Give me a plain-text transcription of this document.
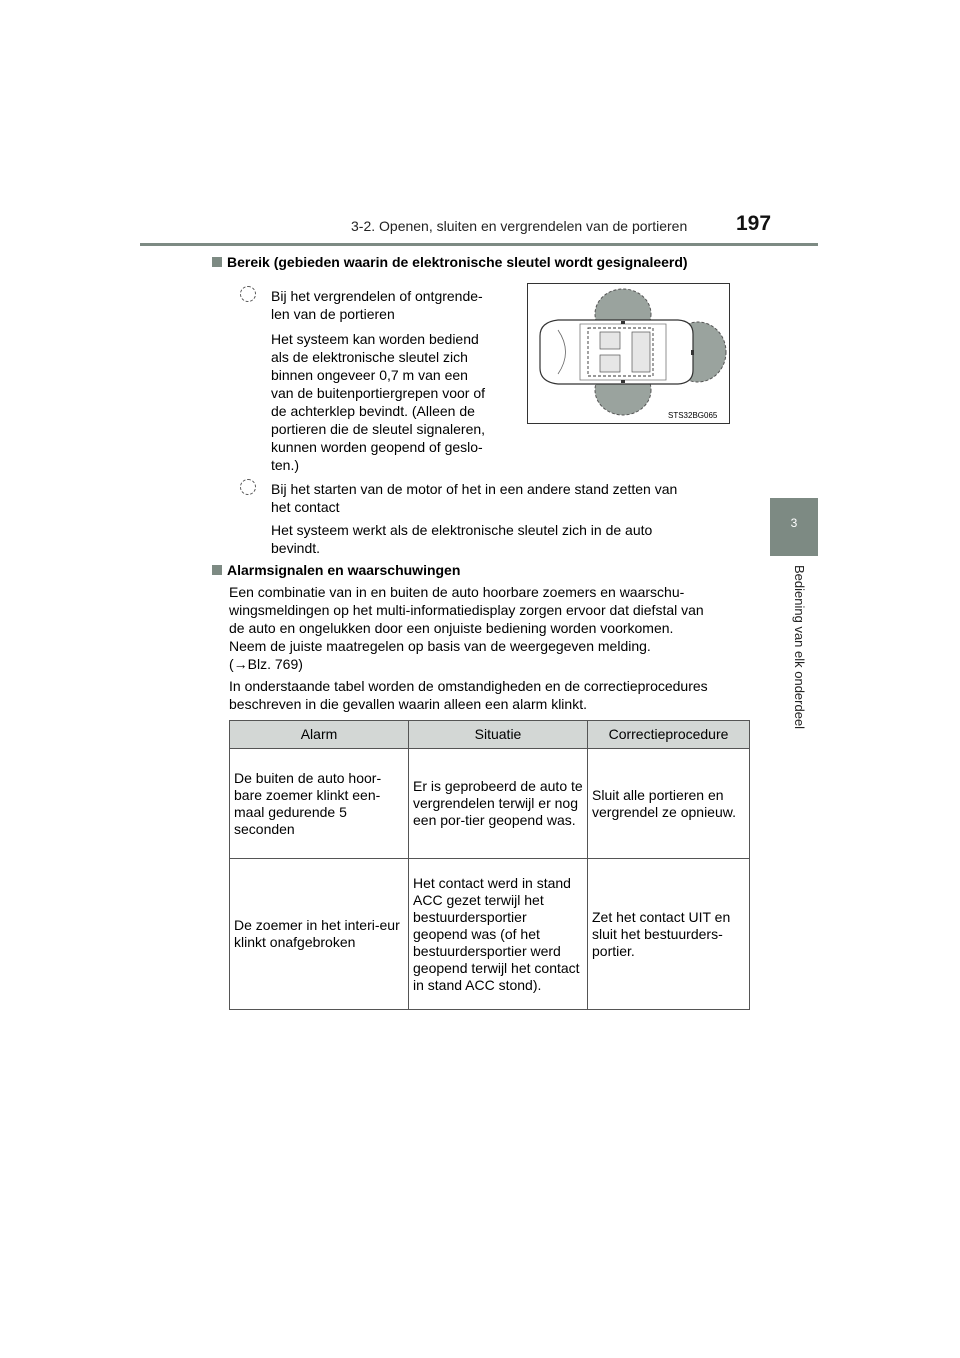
3-2. Openen, sluiten en vergrendelen van de portieren 197
3
Bediening van elk onderdeel
Bereik (gebieden waarin de elektronische sleutel wordt gesignaleerd)
Bij het vergrendelen of ontgrende-
len van de portieren
Het systeem kan worden bediend
als de elektronische sleutel zich
binnen ongeveer 0,7 m van een
van de buitenportiergrepen voor of
de achterklep bevindt. (Alleen de
portieren die de sleutel signaleren,
kunnen worden geopend of geslo-
ten.)
STS32BG065
Bij het starten van de motor of het in een andere stand zetten van
het contact
Het systeem werkt als de elektronische sleutel zich in de auto
bevindt.
Alarmsignalen en waarschuwingen
Een combinatie van in en buiten de auto hoorbare zoemers en waarschu-
wingsmeldingen op het multi-informatiedisplay zorgen ervoor dat diefstal van
de auto en ongelukken door een onjuiste bediening worden voorkomen.
Neem de juiste maatregelen op basis van de weergegeven melding.
(→Blz. 769)
In onderstaande tabel worden de omstandigheden en de correctieprocedures
beschreven in die gevallen waarin alleen een alarm klinkt.
Alarm	Situatie	Correctieprocedure
De buiten de auto hoor-bare zoemer klinkt een-maal gedurende 5 seconden	Er is geprobeerd de auto te vergrendelen terwijl er nog een por-tier geopend was.	Sluit alle portieren en vergrendel ze opnieuw.
De zoemer in het interi-eur klinkt onafgebroken	Het contact werd in stand ACC gezet terwijl het bestuurdersportier geopend was (of het bestuurdersportier werd geopend terwijl het contact in stand ACC stond).	Zet het contact UIT en sluit het bestuurders-portier.
